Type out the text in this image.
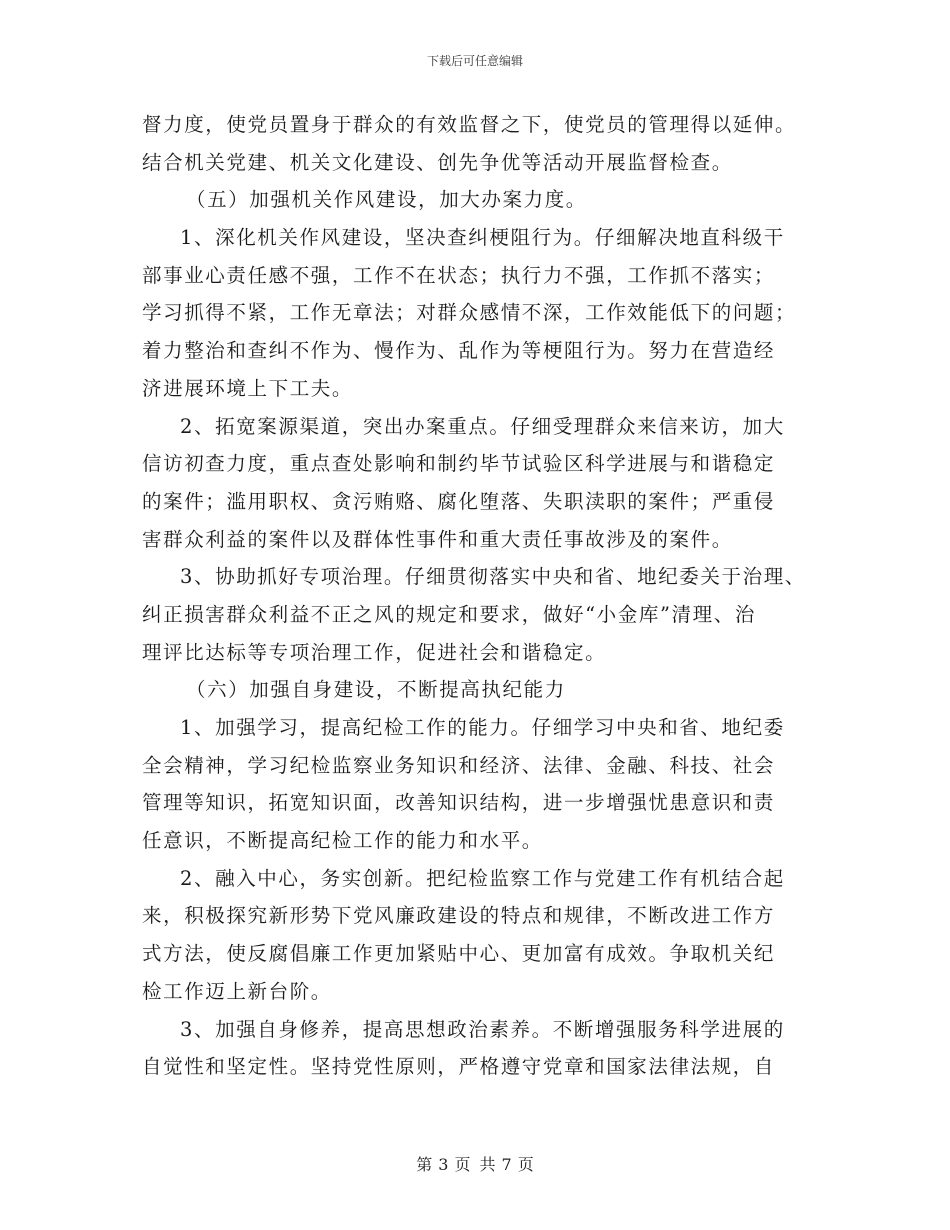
下载后可任意编辑
督力度，使党员置身于群众的有效监督之下，使党员的管理得以延伸。
结合机关党建、机关文化建设、创先争优等活动开展监督检查。
（五）加强机关作风建设，加大办案力度。
1、深化机关作风建设，坚决查纠梗阻行为。仔细解决地直科级干
部事业心责任感不强，工作不在状态；执行力不强，工作抓不落实；
学习抓得不紧，工作无章法；对群众感情不深，工作效能低下的问题；
着力整治和查纠不作为、慢作为、乱作为等梗阻行为。努力在营造经
济进展环境上下工夫。
2、拓宽案源渠道，突出办案重点。仔细受理群众来信来访，加大
信访初查力度，重点查处影响和制约毕节试验区科学进展与和谐稳定
的案件；滥用职权、贪污贿赂、腐化堕落、失职渎职的案件；严重侵
害群众利益的案件以及群体性事件和重大责任事故涉及的案件。
3、协助抓好专项治理。仔细贯彻落实中央和省、地纪委关于治理、
纠正损害群众利益不正之风的规定和要求，做好“小金库”清理、治
理评比达标等专项治理工作，促进社会和谐稳定。
（六）加强自身建设，不断提高执纪能力
1、加强学习，提高纪检工作的能力。仔细学习中央和省、地纪委
全会精神，学习纪检监察业务知识和经济、法律、金融、科技、社会
管理等知识，拓宽知识面，改善知识结构，进一步增强忧患意识和责
任意识，不断提高纪检工作的能力和水平。
2、融入中心，务实创新。把纪检监察工作与党建工作有机结合起
来，积极探究新形势下党风廉政建设的特点和规律，不断改进工作方
式方法，使反腐倡廉工作更加紧贴中心、更加富有成效。争取机关纪
检工作迈上新台阶。
3、加强自身修养，提高思想政治素养。不断增强服务科学进展的
自觉性和坚定性。坚持党性原则，严格遵守党章和国家法律法规，自
第 3 页 共 7 页
